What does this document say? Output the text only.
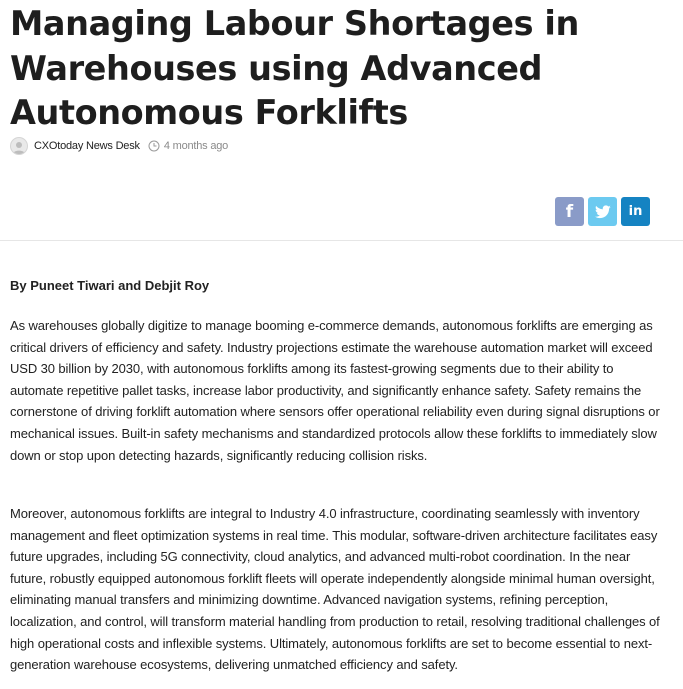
Managing Labour Shortages in Warehouses using Advanced Autonomous Forklifts
CXOtoday News Desk 4 months ago
f	in

By Puneet Tiwari and Debjit Roy

As warehouses globally digitize to manage booming e-commerce demands, autonomous forklifts are emerging as critical drivers of efficiency and safety. Industry projections estimate the warehouse automation market will exceed USD 30 billion by 2030, with autonomous forklifts among its fastest-growing segments due to their ability to automate repetitive pallet tasks, increase labor productivity, and significantly enhance safety. Safety remains the cornerstone of driving forklift automation where sensors offer operational reliability even during signal disruptions or mechanical issues. Built-in safety mechanisms and standardized protocols allow these forklifts to immediately slow down or stop upon detecting hazards, significantly reducing collision risks.

Moreover, autonomous forklifts are integral to Industry 4.0 infrastructure, coordinating seamlessly with inventory management and fleet optimization systems in real time. This modular, software-driven architecture facilitates easy future upgrades, including 5G connectivity, cloud analytics, and advanced multi-robot coordination. In the near future, robustly equipped autonomous forklift fleets will operate independently alongside minimal human oversight, eliminating manual transfers and minimizing downtime. Advanced navigation systems, refining perception, localization, and control, will transform material handling from production to retail, resolving traditional challenges of high operational costs and inflexible systems. Ultimately, autonomous forklifts are set to become essential to next-generation warehouse ecosystems, delivering unmatched efficiency and safety.
